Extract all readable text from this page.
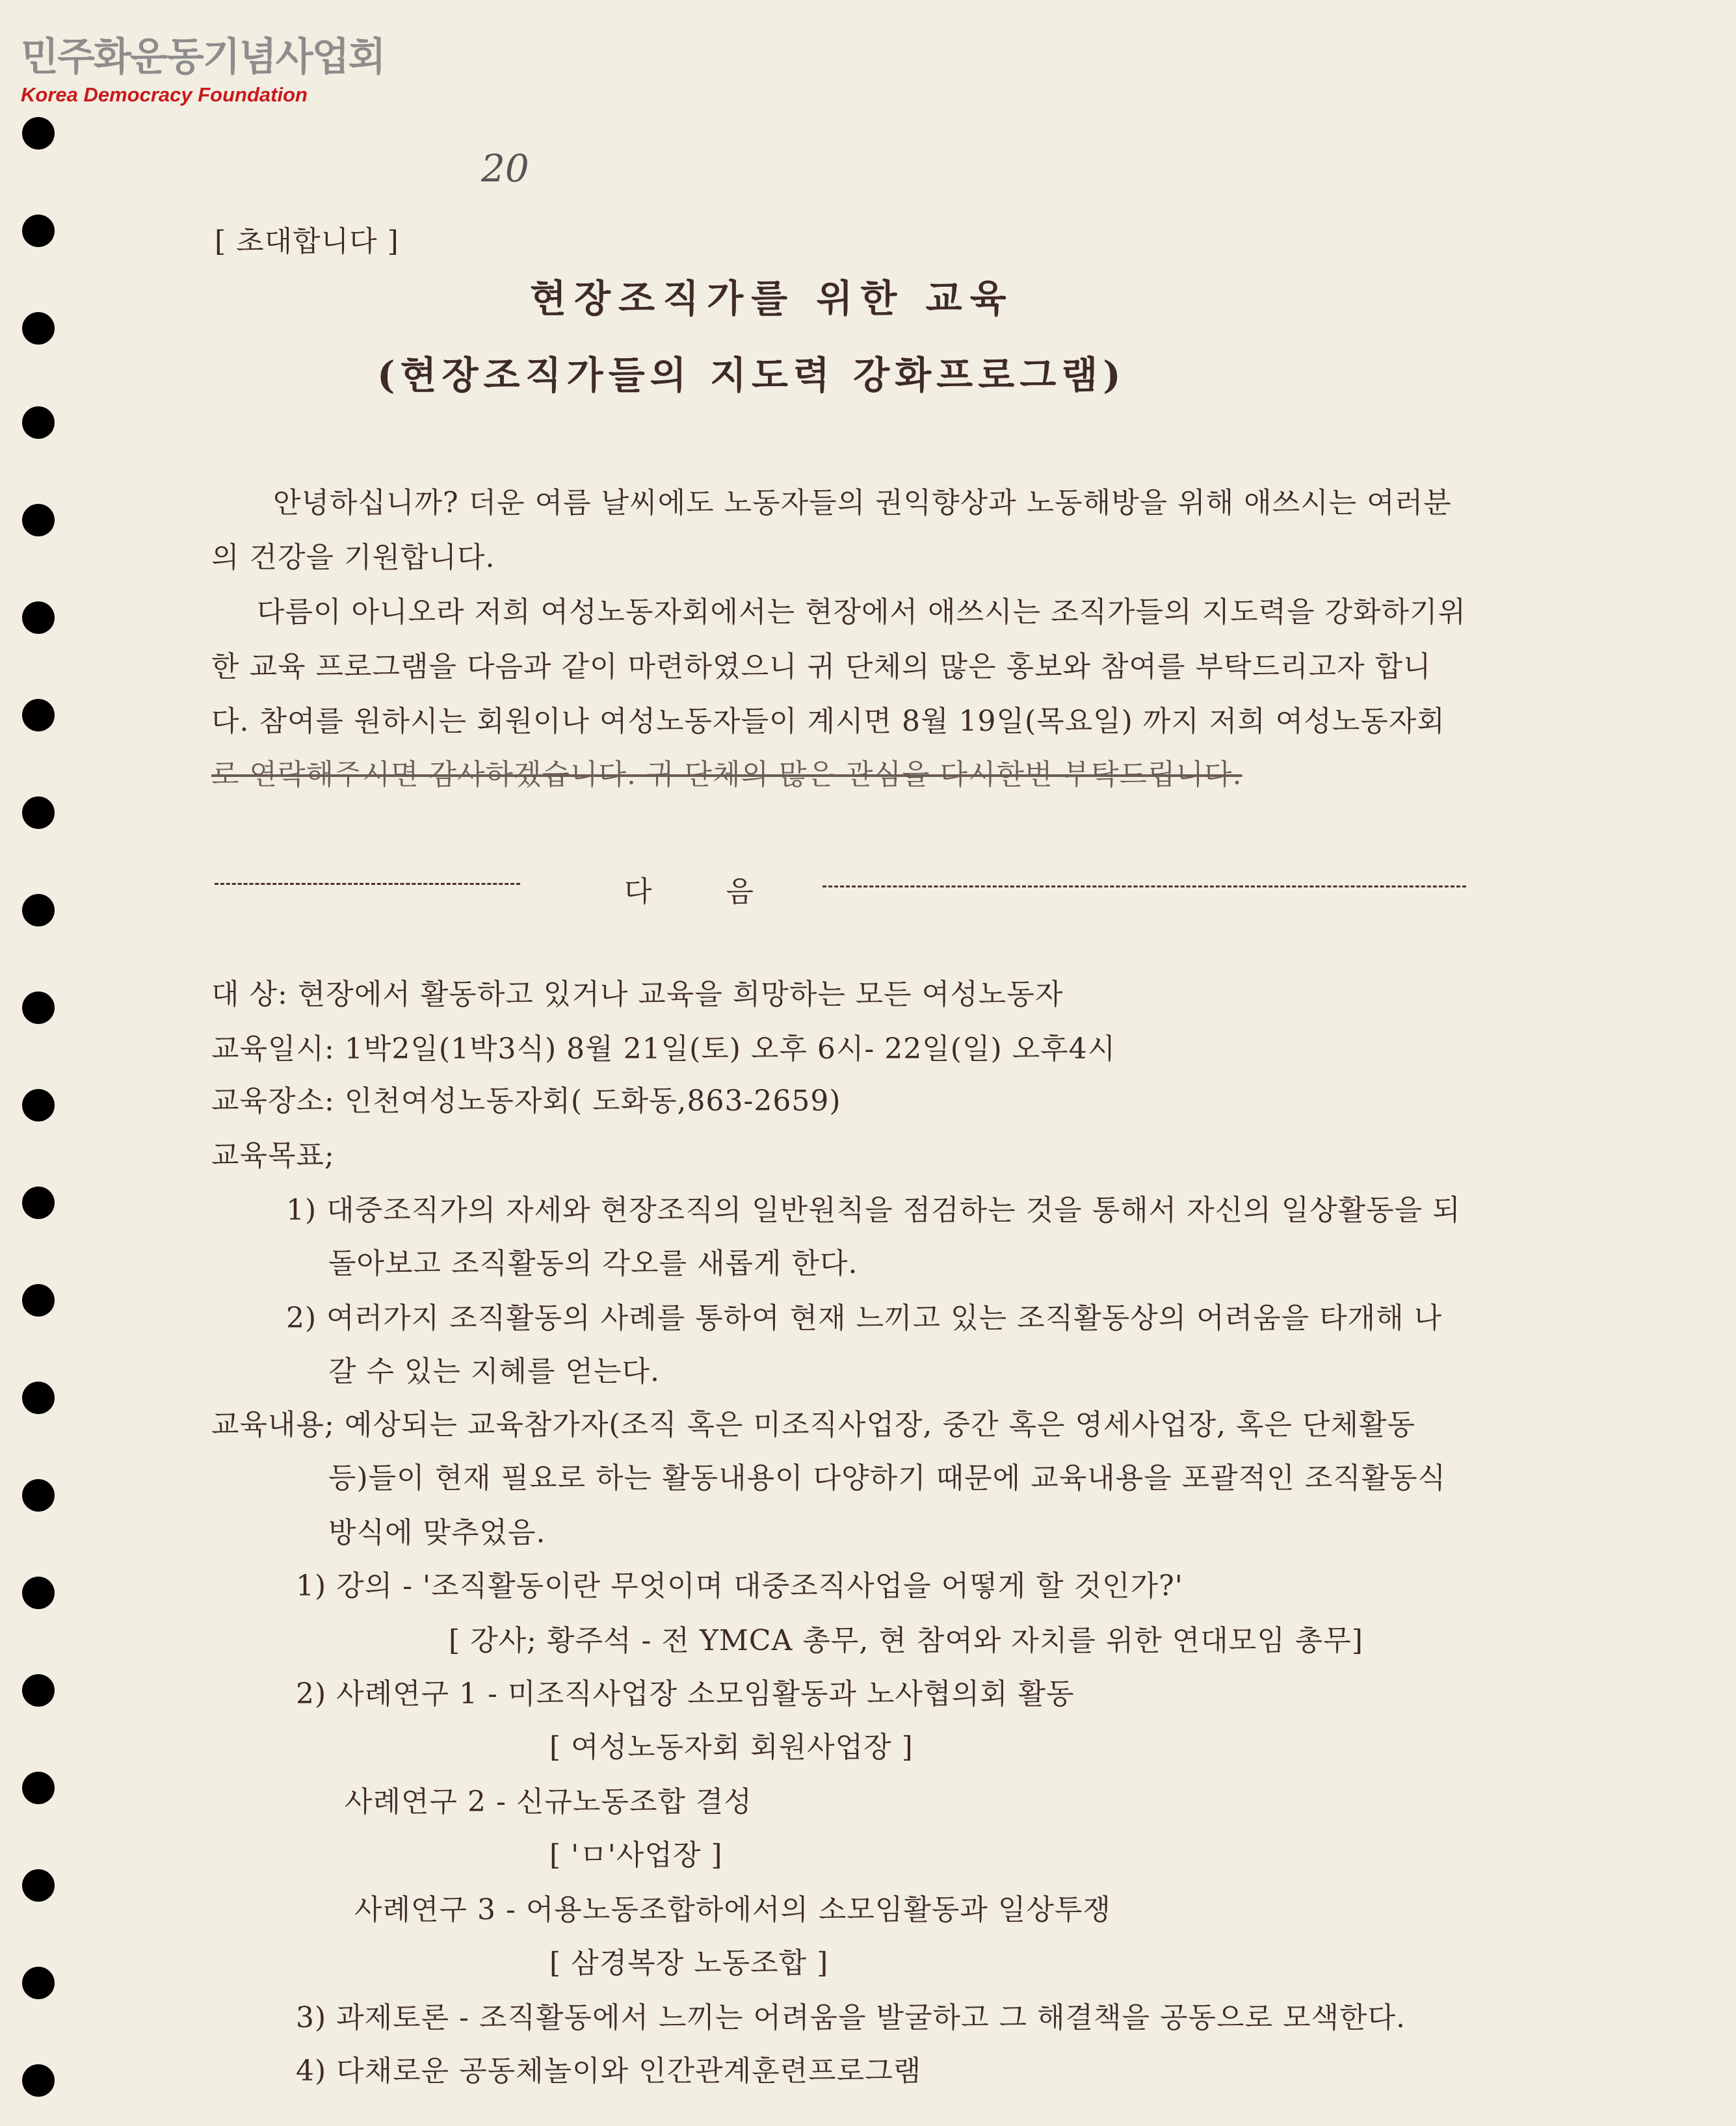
민주화운동기념사업회
Korea Democracy Foundation
20
[ 초대합니다 ]
현장조직가를 위한 교육
(현장조직가들의 지도력 강화프로그램)
안녕하십니까? 더운 여름 날씨에도 노동자들의 권익향상과 노동해방을 위해 애쓰시는 여러분
의 건강을 기원합니다.
다름이 아니오라 저희 여성노동자회에서는 현장에서 애쓰시는 조직가들의 지도력을 강화하기위
한 교육 프로그램을 다음과 같이 마련하였으니 귀 단체의 많은 홍보와 참여를 부탁드리고자 합니
다. 참여를 원하시는 회원이나 여성노동자들이 계시면 8월 19일(목요일) 까지 저희 여성노동자회
로 연락해주시면 감사하겠습니다. 귀 단체의 많은 관심을 다시한번 부탁드립니다.
다 음
대 상: 현장에서 활동하고 있거나 교육을 희망하는 모든 여성노동자
교육일시: 1박2일(1박3식) 8월 21일(토) 오후 6시- 22일(일) 오후4시
교육장소: 인천여성노동자회( 도화동,863-2659)
교육목표;
1) 대중조직가의 자세와 현장조직의 일반원칙을 점검하는 것을 통해서 자신의 일상활동을 되
돌아보고 조직활동의 각오를 새롭게 한다.
2) 여러가지 조직활동의 사례를 통하여 현재 느끼고 있는 조직활동상의 어려움을 타개해 나
갈 수 있는 지혜를 얻는다.
교육내용; 예상되는 교육참가자(조직 혹은 미조직사업장, 중간 혹은 영세사업장, 혹은 단체활동
등)들이 현재 필요로 하는 활동내용이 다양하기 때문에 교육내용을 포괄적인 조직활동식
방식에 맞추었음.
1) 강의 - '조직활동이란 무엇이며 대중조직사업을 어떻게 할 것인가?'
[ 강사; 황주석 - 전 YMCA 총무, 현 참여와 자치를 위한 연대모임 총무]
2) 사례연구 1 - 미조직사업장 소모임활동과 노사협의회 활동
[ 여성노동자회 회원사업장 ]
사례연구 2 - 신규노동조합 결성
[ 'ㅁ'사업장 ]
사례연구 3 - 어용노동조합하에서의 소모임활동과 일상투쟁
[ 삼경복장 노동조합 ]
3) 과제토론 - 조직활동에서 느끼는 어려움을 발굴하고 그 해결책을 공동으로 모색한다.
4) 다채로운 공동체놀이와 인간관계훈련프로그램
